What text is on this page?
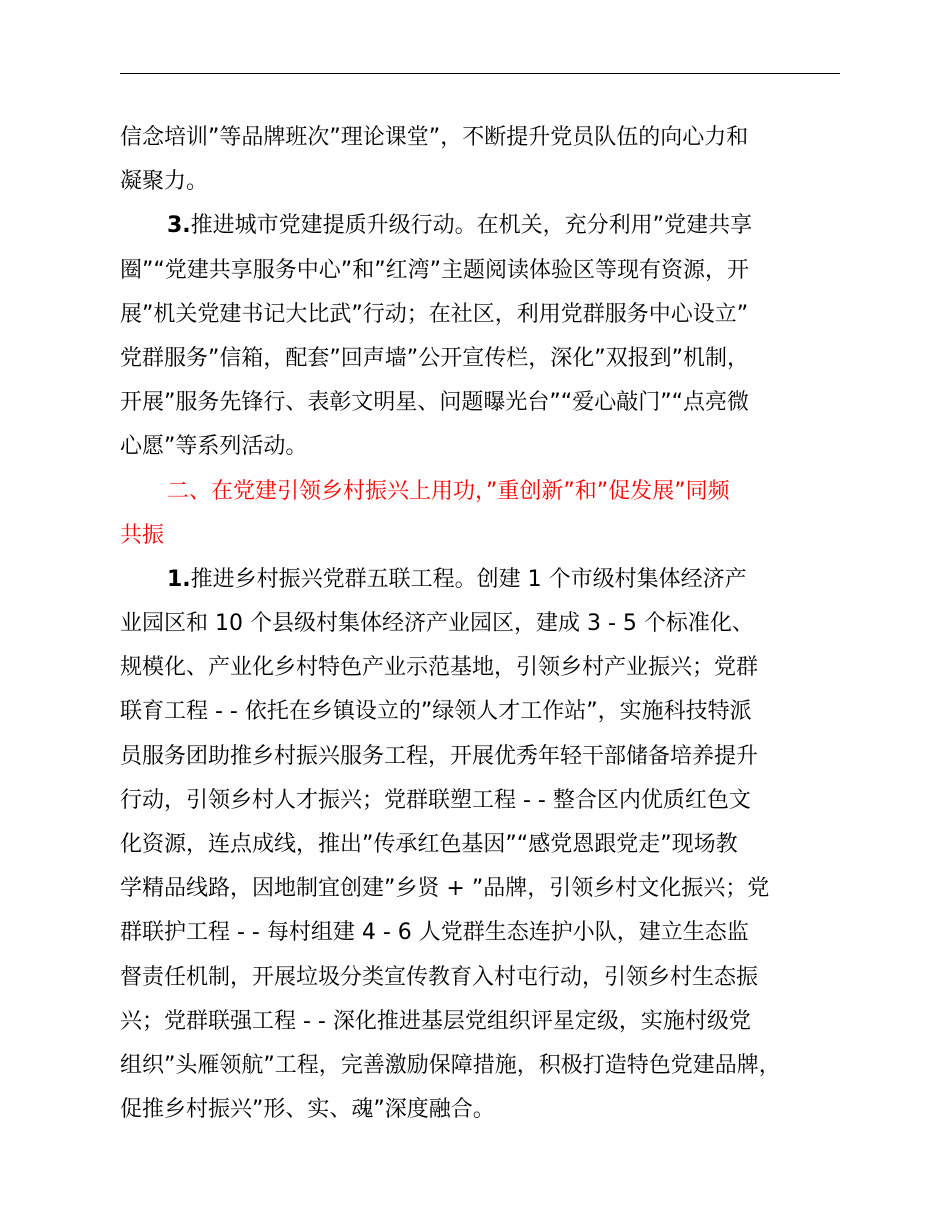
信念培训”等品牌班次”理论课堂”，不断提升党员队伍的向心力和
凝聚力。
3.推进城市党建提质升级行动。在机关，充分利用”党建共享
圈”“党建共享服务中心”和”红湾”主题阅读体验区等现有资源，开
展”机关党建书记大比武”行动；在社区，利用党群服务中心设立”
党群服务”信箱，配套”回声墙”公开宣传栏，深化”双报到”机制，
开展”服务先锋行、表彰文明星、问题曝光台”“爱心敲门”“点亮微
心愿”等系列活动。
二、在党建引领乡村振兴上用功，”重创新”和”促发展”同频
共振
1.推进乡村振兴党群五联工程。创建 1 个市级村集体经济产
业园区和 10 个县级村集体经济产业园区，建成 3 - 5 个标准化、
规模化、产业化乡村特色产业示范基地，引领乡村产业振兴；党群
联育工程 - - 依托在乡镇设立的”绿领人才工作站”，实施科技特派
员服务团助推乡村振兴服务工程，开展优秀年轻干部储备培养提升
行动，引领乡村人才振兴；党群联塑工程 - - 整合区内优质红色文
化资源，连点成线，推出”传承红色基因”“感党恩跟党走”现场教
学精品线路，因地制宜创建”乡贤 + ”品牌，引领乡村文化振兴；党
群联护工程 - - 每村组建 4 - 6 人党群生态连护小队，建立生态监
督责任机制，开展垃圾分类宣传教育入村屯行动，引领乡村生态振
兴；党群联强工程 - - 深化推进基层党组织评星定级，实施村级党
组织”头雁领航”工程，完善激励保障措施，积极打造特色党建品牌，
促推乡村振兴”形、实、魂”深度融合。
